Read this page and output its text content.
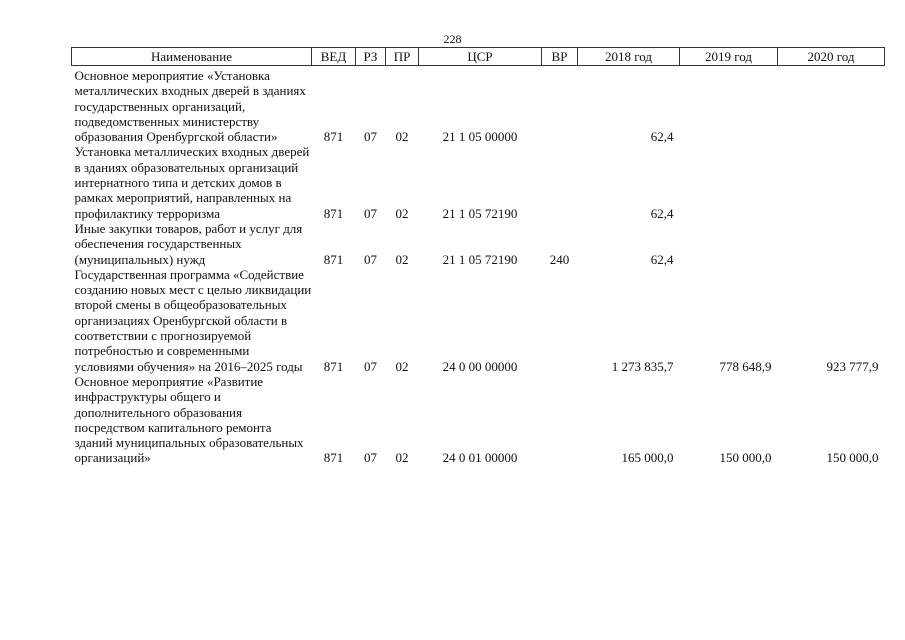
228
Наименование	ВЕД	РЗ	ПР	ЦСР	ВР	2018 год	2019 год	2020 год

Основное мероприятие «Установка металлических входных дверей в зданиях государственных организаций, подведомственных министерству образования Оренбургской области»	871	07	02	21 1 05 00000		62,4		
Установка металлических входных дверей в зданиях образовательных организаций интернатного типа и детских домов в рамках мероприятий, направленных на профилактику терроризма	871	07	02	21 1 05 72190		62,4		
Иные закупки товаров, работ и услуг для обеспечения государственных (муниципальных) нужд	871	07	02	21 1 05 72190	240	62,4		
Государственная программа «Содействие созданию новых мест с целью ликвидации второй смены в общеобразовательных организациях Оренбургской области в соответствии с прогнозируемой потребностью и современными условиями обучения» на 2016–2025 годы	871	07	02	24 0 00 00000		1 273 835,7	778 648,9	923 777,9
Основное мероприятие «Развитие инфраструктуры общего и дополнительного образования посредством капитального ремонта зданий муниципальных образовательных организаций»	871	07	02	24 0 01 00000		165 000,0	150 000,0	150 000,0
